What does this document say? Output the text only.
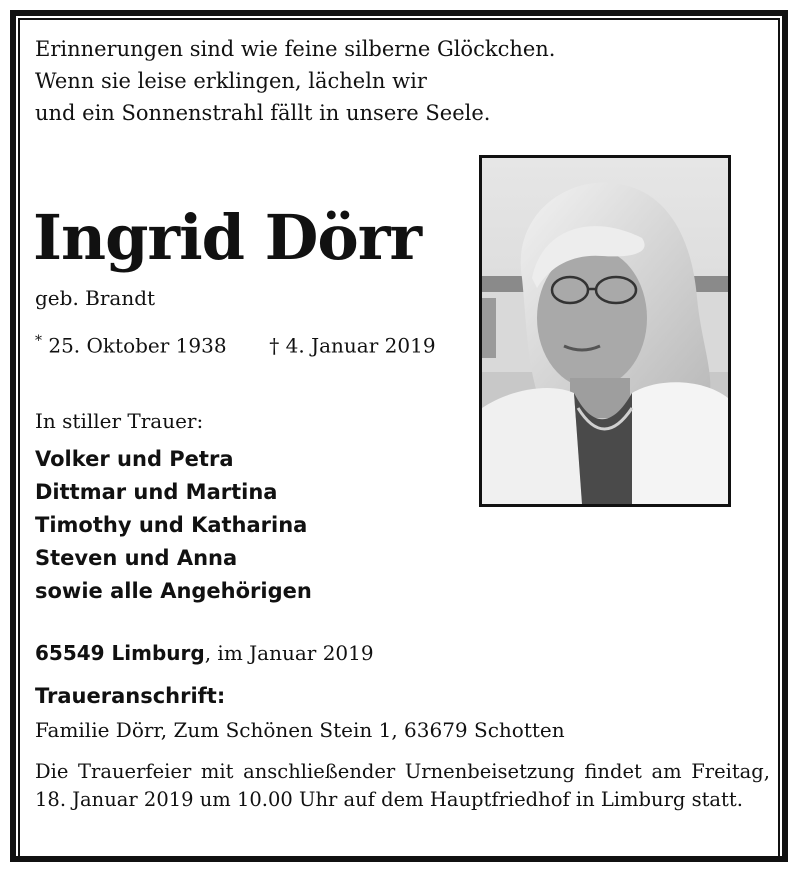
Erinnerungen sind wie feine silberne Glöckchen.
Wenn sie leise erklingen, lächeln wir
und ein Sonnenstrahl fällt in unsere Seele.
Ingrid Dörr
geb. Brandt
* 25. Oktober 1938 † 4. Januar 2019
In stiller Trauer:
Volker und Petra
Dittmar und Martina
Timothy und Katharina
Steven und Anna
sowie alle Angehörigen
65549 Limburg, im Januar 2019
Traueranschrift:
Familie Dörr, Zum Schönen Stein 1, 63679 Schotten
Die Trauerfeier mit anschließender Urnenbeisetzung findet am Freitag, 18. Januar 2019 um 10.00 Uhr auf dem Hauptfriedhof in Limburg statt.
